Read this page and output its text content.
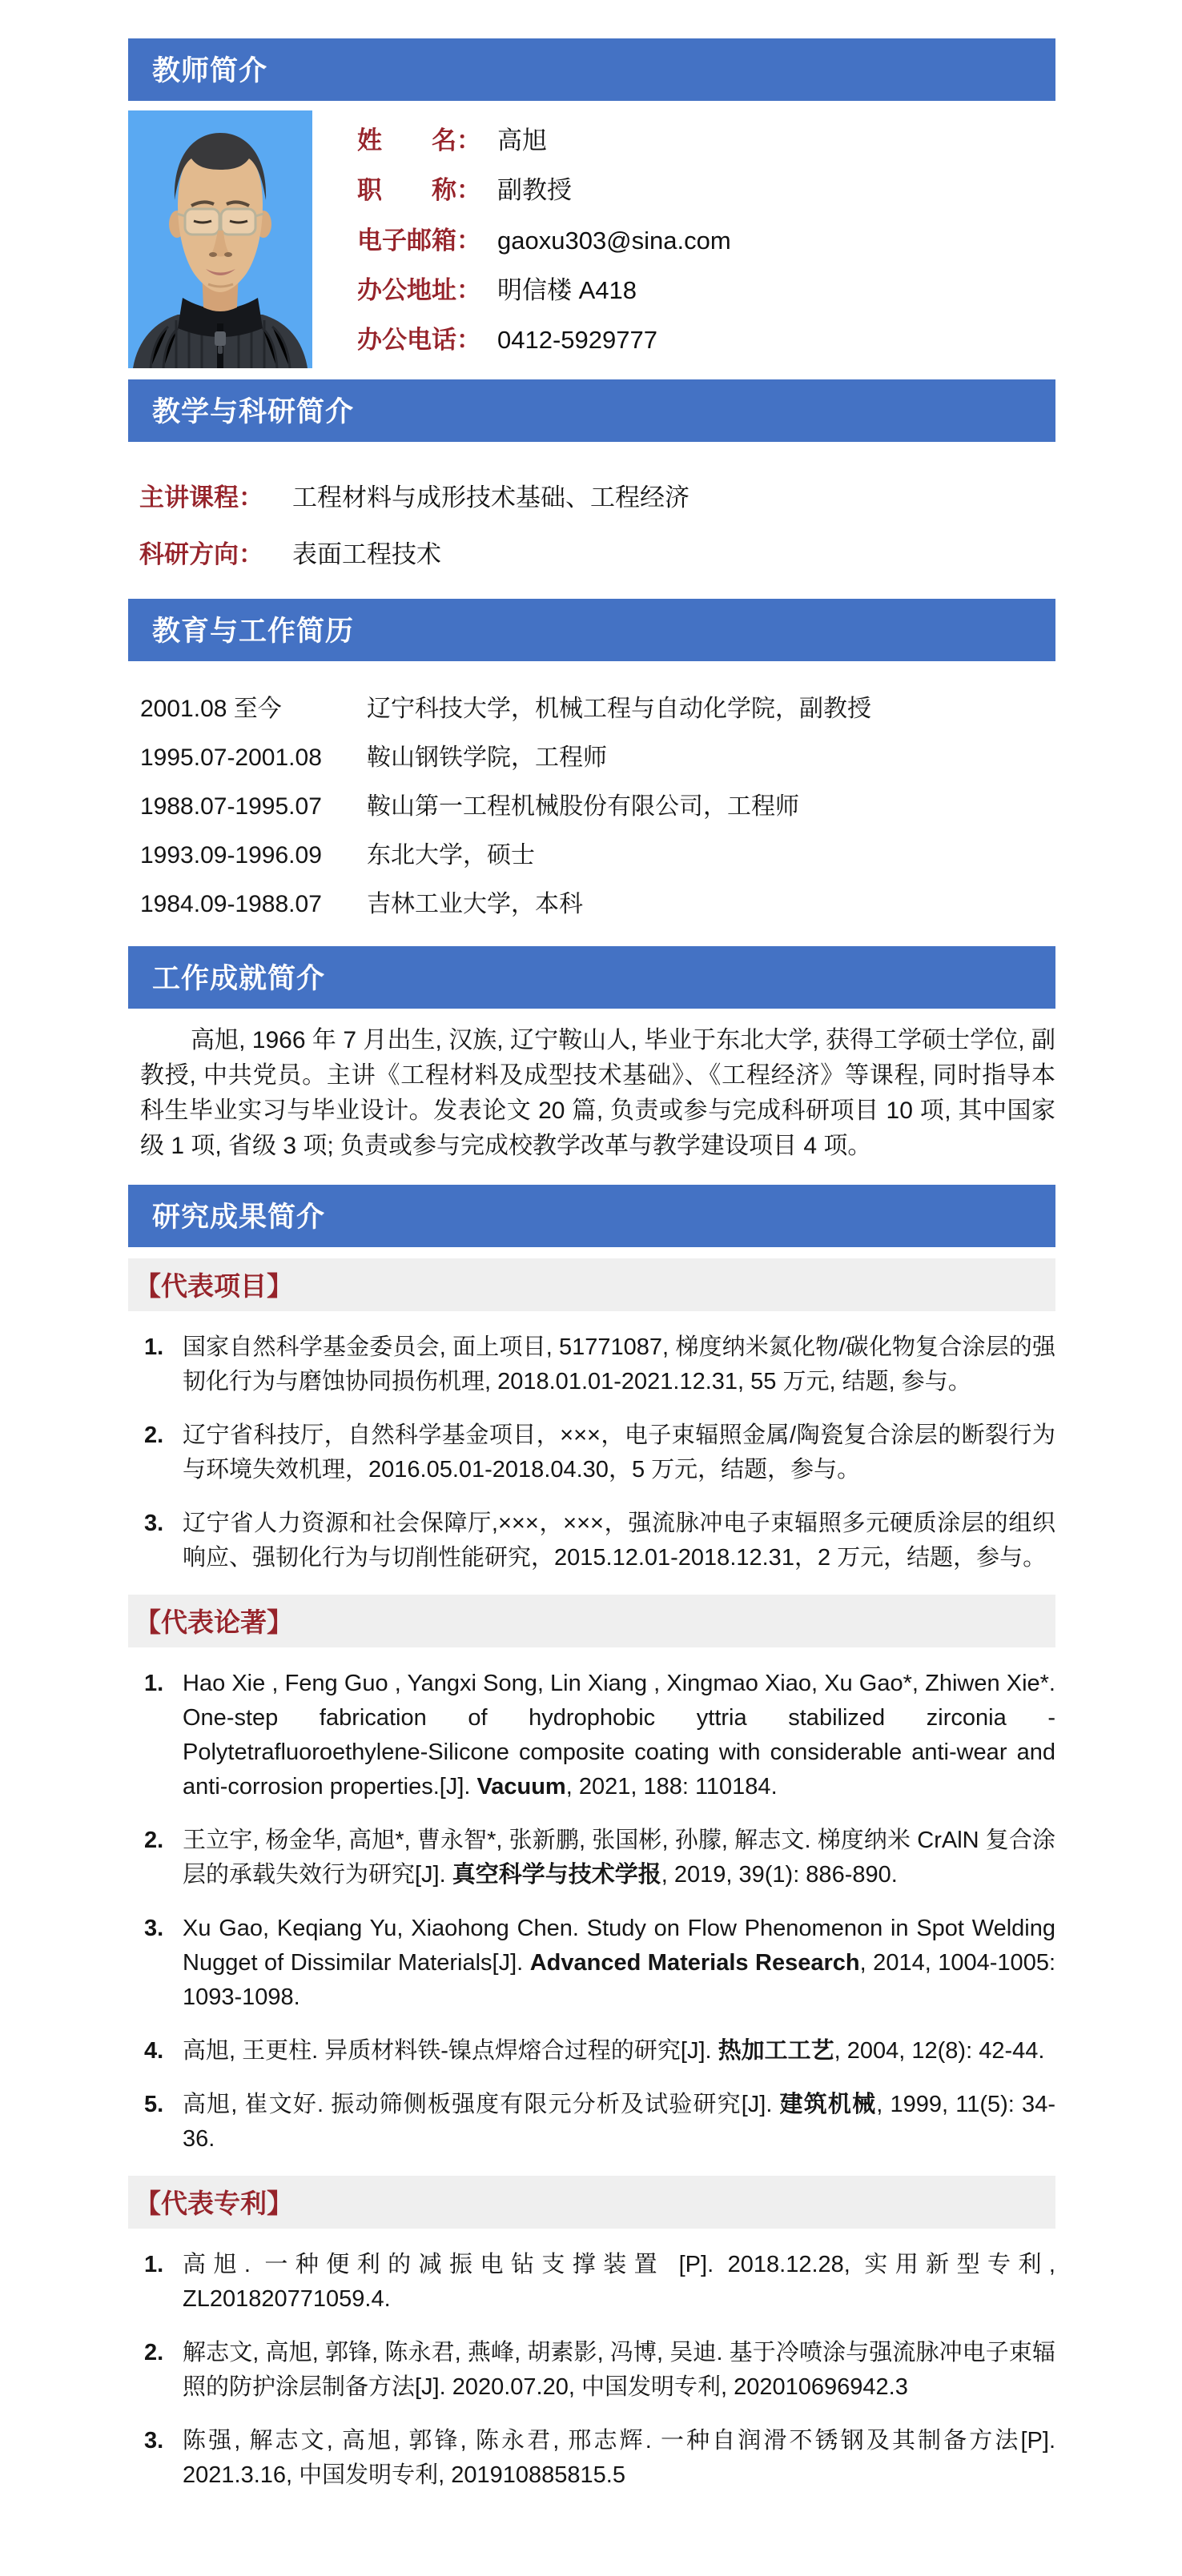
教师简介
姓　　名： 高旭
职　　称： 副教授
电子邮箱： gaoxu303@sina.com
办公地址： 明信楼 A418
办公电话： 0412-5929777
教学与科研简介
主讲课程： 工程材料与成形技术基础、工程经济
科研方向： 表面工程技术
教育与工作简历
2001.08 至今	辽宁科技大学，机械工程与自动化学院，副教授
1995.07-2001.08	鞍山钢铁学院，工程师
1988.07-1995.07	鞍山第一工程机械股份有限公司，工程师
1993.09-1996.09	东北大学，硕士
1984.09-1988.07	吉林工业大学，本科
工作成就简介
高旭, 1966 年 7 月出生, 汉族, 辽宁鞍山人, 毕业于东北大学, 获得工学硕士学位, 副教授, 中共党员。主讲《工程材料及成型技术基础》、《工程经济》等课程, 同时指导本科生毕业实习与毕业设计。发表论文 20 篇, 负责或参与完成科研项目 10 项, 其中国家级 1 项, 省级 3 项; 负责或参与完成校教学改革与教学建设项目 4 项。
研究成果简介
【代表项目】
1. 国家自然科学基金委员会, 面上项目, 51771087, 梯度纳米氮化物/碳化物复合涂层的强韧化行为与磨蚀协同损伤机理, 2018.01.01-2021.12.31, 55 万元, 结题, 参与。
2. 辽宁省科技厅，自然科学基金项目，×××，电子束辐照金属/陶瓷复合涂层的断裂行为与环境失效机理，2016.05.01-2018.04.30，5 万元，结题，参与。
3. 辽宁省人力资源和社会保障厅,×××，×××，强流脉冲电子束辐照多元硬质涂层的组织响应、强韧化行为与切削性能研究，2015.12.01-2018.12.31，2 万元，结题，参与。
【代表论著】
1. Hao Xie , Feng Guo , Yangxi Song, Lin Xiang , Xingmao Xiao, Xu Gao*, Zhiwen Xie*. One-step fabrication of hydrophobic yttria stabilized zirconia -Polytetrafluoroethylene-Silicone composite coating with considerable anti-wear and anti-corrosion properties.[J]. Vacuum, 2021, 188: 110184.
2. 王立宇, 杨金华, 高旭*, 曹永智*, 张新鹏, 张国彬, 孙朦, 解志文. 梯度纳米 CrAlN 复合涂层的承载失效行为研究[J]. 真空科学与技术学报, 2019, 39(1): 886-890.
3. Xu Gao, Keqiang Yu, Xiaohong Chen. Study on Flow Phenomenon in Spot Welding Nugget of Dissimilar Materials[J]. Advanced Materials Research, 2014, 1004-1005: 1093-1098.
4. 高旭, 王更柱. 异质材料铁-镍点焊熔合过程的研究[J]. 热加工工艺, 2004, 12(8): 42-44.
5. 高旭, 崔文好. 振动筛侧板强度有限元分析及试验研究[J]. 建筑机械, 1999, 11(5): 34-36.
【代表专利】
1. 高旭. 一种便利的减振电钻支撑装置 [P]. 2018.12.28, 实用新型专利, ZL201820771059.4.
2. 解志文, 高旭, 郭锋, 陈永君, 燕峰, 胡素影, 冯博, 吴迪. 基于冷喷涂与强流脉冲电子束辐照的防护涂层制备方法[J]. 2020.07.20, 中国发明专利, 202010696942.3
3. 陈强, 解志文, 高旭, 郭锋, 陈永君, 邢志辉. 一种自润滑不锈钢及其制备方法[P]. 2021.3.16, 中国发明专利, 201910885815.5
